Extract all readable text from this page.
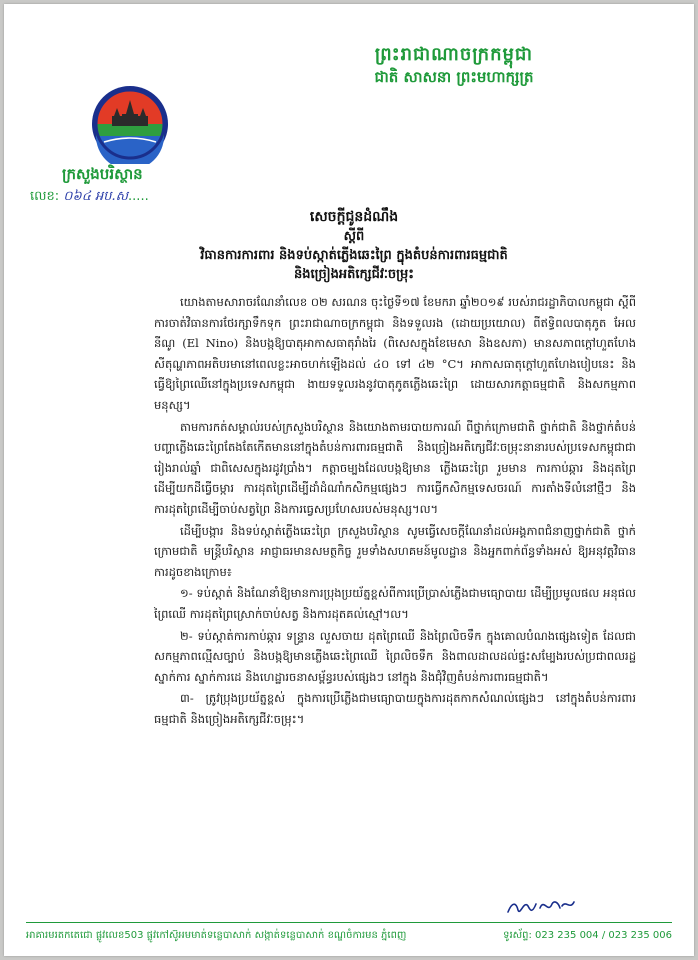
ព្រះរាជាណាចក្រកម្ពុជា
ជាតិ សាសនា ព្រះមហាក្សត្រ
ក្រសួងបរិស្ថាន
លេខ: ០៦៤ អប.ស.....
សេចក្តីជូនដំណឹង
ស្តីពី
វិធានការការពារ និងទប់ស្កាត់ភ្លើងឆេះព្រៃ ក្នុងតំបន់ការពារធម្មជាតិ
និងច្រៀងអតិក្សេជីវៈចម្រុះ

យោងតាមសារាចរណែនាំលេខ ០២ សរណន ចុះថ្ងៃទី១៧ ខែមករា ឆ្នាំ២០១៩ របស់រាជរដ្ឋាភិបាលកម្ពុជា ស្តីពី ការចាត់វិធានការថែរក្សាទឹកទុក ព្រះរាជាណាចក្រកម្ពុជា និងទទួលរង (ដោយប្រយោល) ពីឥទ្ធិពលបាតុភូត អែល នីណូ (El Nino) និងបង្កឱ្យបាតុអាកាសធាតុរាំងរៃ (ពិសេសក្នុងខែមេសា និងឧសភា) មានសភាពក្តៅហួតហែង សីតុណ្ហភាពអតិបរមានៅពេលខ្លះអាចហក់ឡើងដល់ ៤០ ទៅ ៤២ °C។ អាកាសធាតុក្តៅហួតហែងបៀបនេះ និងធ្វើឱ្យព្រៃឈើនៅក្នុងប្រទេសកម្ពុជា ងាយទទួលរងនូវបាតុភូតភ្លើងឆេះព្រៃ ដោយសារកត្តាធម្មជាតិ និងសកម្មភាពមនុស្ស។

តាមការកត់សម្គាល់របស់ក្រសួងបរិស្ថាន និងយោងតាមរបាយការណ៍ ពីថ្នាក់ក្រោមជាតិ ថ្នាក់ជាតិ និងថ្នាក់តំបន់ បញ្ហាភ្លើងឆេះព្រៃតែងតែកើតមាននៅក្នុងតំបន់ការពារធម្មជាតិ និងច្រៀងអតិក្សេជីវៈចម្រុះនានារបស់ប្រទេសកម្ពុជាជារៀងរាល់ឆ្នាំ ជាពិសេសក្នុងរដូវប្រាំង។ កត្តាចម្បងដែលបង្កឱ្យមាន ភ្លើងឆេះព្រៃ រួមមាន ការកាប់ឆ្ការ និងដុតព្រៃដើម្បីយកដីធ្វើចម្ការ ការដុតព្រៃដើម្បីដាំដំណាំកសិកម្មផ្សេងៗ ការធ្វើកសិកម្មទេសចរណ៍ ការតាំងទីលំនៅថ្មីៗ និងការដុតព្រៃដើម្បីចាប់សត្វព្រៃ និងការធ្វេសប្រហែសរបស់មនុស្ស។ល។

ដើម្បីបង្ការ និងទប់ស្កាត់ភ្លើងឆេះព្រៃ ក្រសួងបរិស្ថាន សូមធ្វើសេចក្តីណែនាំដល់អង្គភាពជំនាញថ្នាក់ជាតិ ថ្នាក់ក្រោមជាតិ មន្ត្រីបរិស្ថាន អាជ្ញាធរមានសមត្ថកិច្ច រួមទាំងសហគមន៍មូលដ្ឋាន និងអ្នកពាក់ព័ន្ធទាំងអស់ ឱ្យអនុវត្តវិធានការដូចខាងក្រោម៖

១- ទប់ស្កាត់ និងណែនាំឱ្យមានការប្រុងប្រយ័ត្នខ្ពស់ពីការប្រើប្រាស់ភ្លើងជាមធ្យោបាយ ដើម្បីប្រមូលផល អនុផលព្រៃឈើ ការដុតព្រៃស្រោក់ចាប់សត្វ និងការដុតគល់ស្មៅ។ល។

២- ទប់ស្កាត់ការកាប់ឆ្ការ ទន្ទ្រាន លួសចាយ ដុតព្រៃឈើ និងព្រៃលិចទឹក ក្នុងគោលបំណងផ្សេងទៀត ដែលជាសកម្មភាពល្មើសច្បាប់ និងបង្កឱ្យមានភ្លើងឆេះព្រៃឈើ ព្រៃលិចទឹក និងពាលដាលដល់ផ្ទះសម្បែងរបស់ប្រជាពលរដ្ឋ ស្នាក់ការ ស្នាក់ការដេ និងហេដ្ឋារចនាសម្ព័ន្ធរបស់ផ្សេងៗ នៅក្នុង និងជុំវិញតំបន់ការពារធម្មជាតិ។

៣- ត្រូវប្រុងប្រយ័ត្នខ្ពស់ ក្នុងការប្រើភ្លើងជាមធ្យោបាយក្នុងការដុតកាកសំណល់ផ្សេងៗ នៅក្នុងតំបន់ការពារធម្មជាតិ និងច្រៀងអតិក្សេជីវៈចម្រុះ។

អាគារមរតកតេជោ ផ្លូវលេខ503 ផ្លូវកៅស៊ូអមមាត់ទន្លេបាសាក់ សង្កាត់ទន្លេបាសាក់ ខណ្ឌចំការមន ភ្នំពេញ	ទូរស័ព្ទ: 023 235 004 / 023 235 006
